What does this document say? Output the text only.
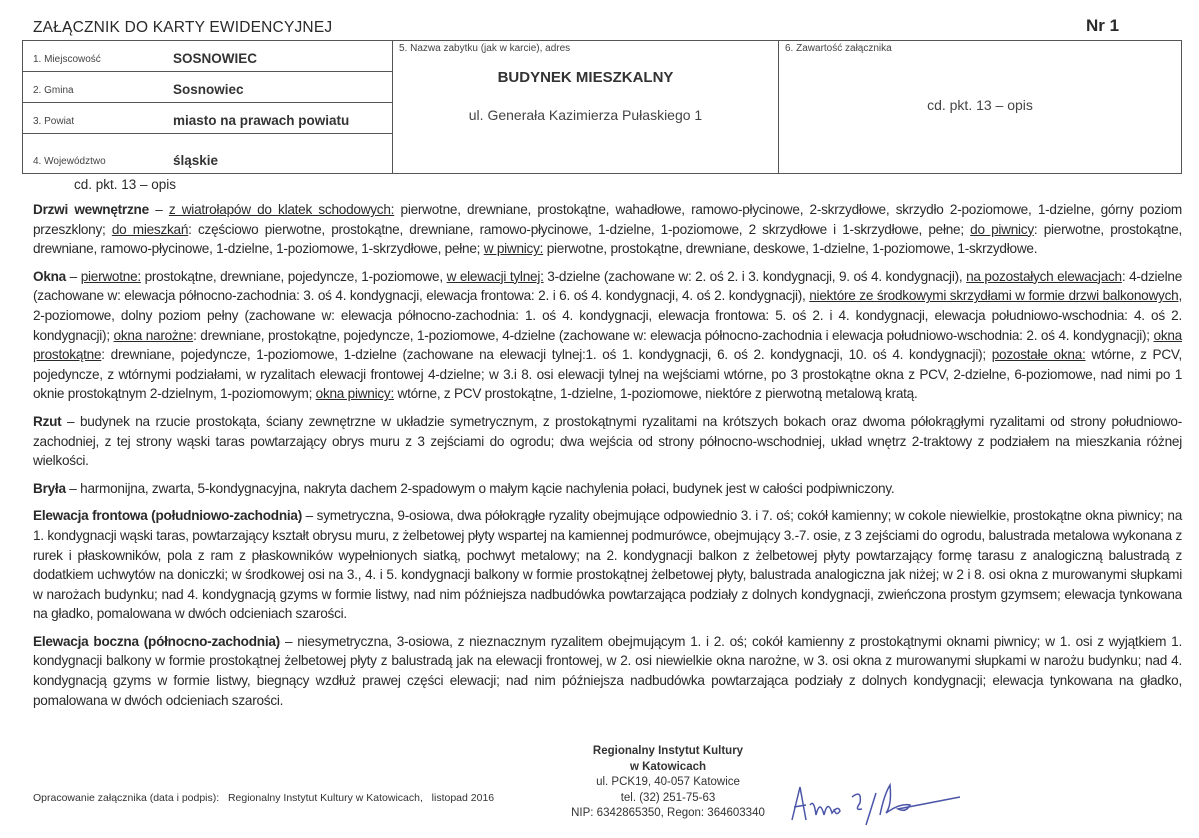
ZAŁĄCZNIK DO KARTY EWIDENCYJNEJ	Nr 1
1. Miejscowość	SOSNOWIEC
2. Gmina	Sosnowiec
3. Powiat	miasto na prawach powiatu
4. Województwo	śląskie
5. Nazwa zabytku (jak w karcie), adres
BUDYNEK MIESZKALNY
ul. Generała Kazimierza Pułaskiego 1
6. Zawartość załącznika
cd. pkt. 13 – opis
cd. pkt. 13 – opis

Drzwi wewnętrzne – z wiatrołapów do klatek schodowych: pierwotne, drewniane, prostokątne, wahadłowe, ramowo-płycinowe, 2-skrzydłowe, skrzydło 2-poziomowe, 1-dzielne, górny poziom przeszklony; do mieszkań: częściowo pierwotne, prostokątne, drewniane, ramowo-płycinowe, 1-dzielne, 1-poziomowe, 2 skrzydłowe i 1-skrzydłowe, pełne; do piwnicy: pierwotne, prostokątne, drewniane, ramowo-płycinowe, 1-dzielne, 1-poziomowe, 1-skrzydłowe, pełne; w piwnicy: pierwotne, prostokątne, drewniane, deskowe, 1-dzielne, 1-poziomowe, 1-skrzydłowe.

Okna – pierwotne: prostokątne, drewniane, pojedyncze, 1-poziomowe, w elewacji tylnej: 3-dzielne (zachowane w: 2. oś 2. i 3. kondygnacji, 9. oś 4. kondygnacji), na pozostałych elewacjach: 4-dzielne (zachowane w: elewacja północno-zachodnia: 3. oś 4. kondygnacji, elewacja frontowa: 2. i 6. oś 4. kondygnacji, 4. oś 2. kondygnacji), niektóre ze środkowymi skrzydłami w formie drzwi balkonowych, 2-poziomowe, dolny poziom pełny (zachowane w: elewacja północno-zachodnia: 1. oś 4. kondygnacji, elewacja frontowa: 5. oś 2. i 4. kondygnacji, elewacja południowo-wschodnia: 4. oś 2. kondygnacji); okna narożne: drewniane, prostokątne, pojedyncze, 1-poziomowe, 4-dzielne (zachowane w: elewacja północno-zachodnia i elewacja południowo-wschodnia: 2. oś 4. kondygnacji); okna prostokątne: drewniane, pojedyncze, 1-poziomowe, 1-dzielne (zachowane na elewacji tylnej:1. oś 1. kondygnacji, 6. oś 2. kondygnacji, 10. oś 4. kondygnacji); pozostałe okna: wtórne, z PCV, pojedyncze, z wtórnymi podziałami, w ryzalitach elewacji frontowej 4-dzielne; w 3.i 8. osi elewacji tylnej na wejściami wtórne, po 3 prostokątne okna z PCV, 2-dzielne, 6-poziomowe, nad nimi po 1 oknie prostokątnym 2-dzielnym, 1-poziomowym; okna piwnicy: wtórne, z PCV prostokątne, 1-dzielne, 1-poziomowe, niektóre z pierwotną metalową kratą.

Rzut – budynek na rzucie prostokąta, ściany zewnętrzne w układzie symetrycznym, z prostokątnymi ryzalitami na krótszych bokach oraz dwoma półokrągłymi ryzalitami od strony południowo-zachodniej, z tej strony wąski taras powtarzający obrys muru z 3 zejściami do ogrodu; dwa wejścia od strony północno-wschodniej, układ wnętrz 2-traktowy z podziałem na mieszkania różnej wielkości.

Bryła – harmonijna, zwarta, 5-kondygnacyjna, nakryta dachem 2-spadowym o małym kącie nachylenia połaci, budynek jest w całości podpiwniczony.

Elewacja frontowa (południowo-zachodnia) – symetryczna, 9-osiowa, dwa półokrągłe ryzality obejmujące odpowiednio 3. i 7. oś; cokół kamienny; w cokole niewielkie, prostokątne okna piwnicy; na 1. kondygnacji wąski taras, powtarzający kształt obrysu muru, z żelbetowej płyty wspartej na kamiennej podmurówce, obejmujący 3.-7. osie, z 3 zejściami do ogrodu, balustrada metalowa wykonana z rurek i płaskowników, pola z ram z płaskowników wypełnionych siatką, pochwyt metalowy; na 2. kondygnacji balkon z żelbetowej płyty powtarzający formę tarasu z analogiczną balustradą z dodatkiem uchwytów na doniczki; w środkowej osi na 3., 4. i 5. kondygnacji balkony w formie prostokątnej żelbetowej płyty, balustrada analogiczna jak niżej; w 2 i 8. osi okna z murowanymi słupkami w narożach budynku; nad 4. kondygnacją gzyms w formie listwy, nad nim późniejsza nadbudówka powtarzająca podziały z dolnych kondygnacji, zwieńczona prostym gzymsem; elewacja tynkowana na gładko, pomalowana w dwóch odcieniach szarości.

Elewacja boczna (północno-zachodnia) – niesymetryczna, 3-osiowa, z nieznacznym ryzalitem obejmującym 1. i 2. oś; cokół kamienny z prostokątnymi oknami piwnicy; w 1. osi z wyjątkiem 1. kondygnacji balkony w formie prostokątnej żelbetowej płyty z balustradą jak na elewacji frontowej, w 2. osi niewielkie okna narożne, w 3. osi okna z murowanymi słupkami w narożu budynku; nad 4. kondygnacją gzyms w formie listwy, biegnący wzdłuż prawej części elewacji; nad nim późniejsza nadbudówka powtarzająca podziały z dolnych kondygnacji; elewacja tynkowana na gładko, pomalowana w dwóch odcieniach szarości.

Opracowanie załącznika (data i podpis): Regionalny Instytut Kultury w Katowicach, listopad 2016
Regionalny Instytut Kultury
w Katowicach
ul. PCK19, 40-057 Katowice
tel. (32) 251-75-63
NIP: 6342865350, Regon: 364603340
